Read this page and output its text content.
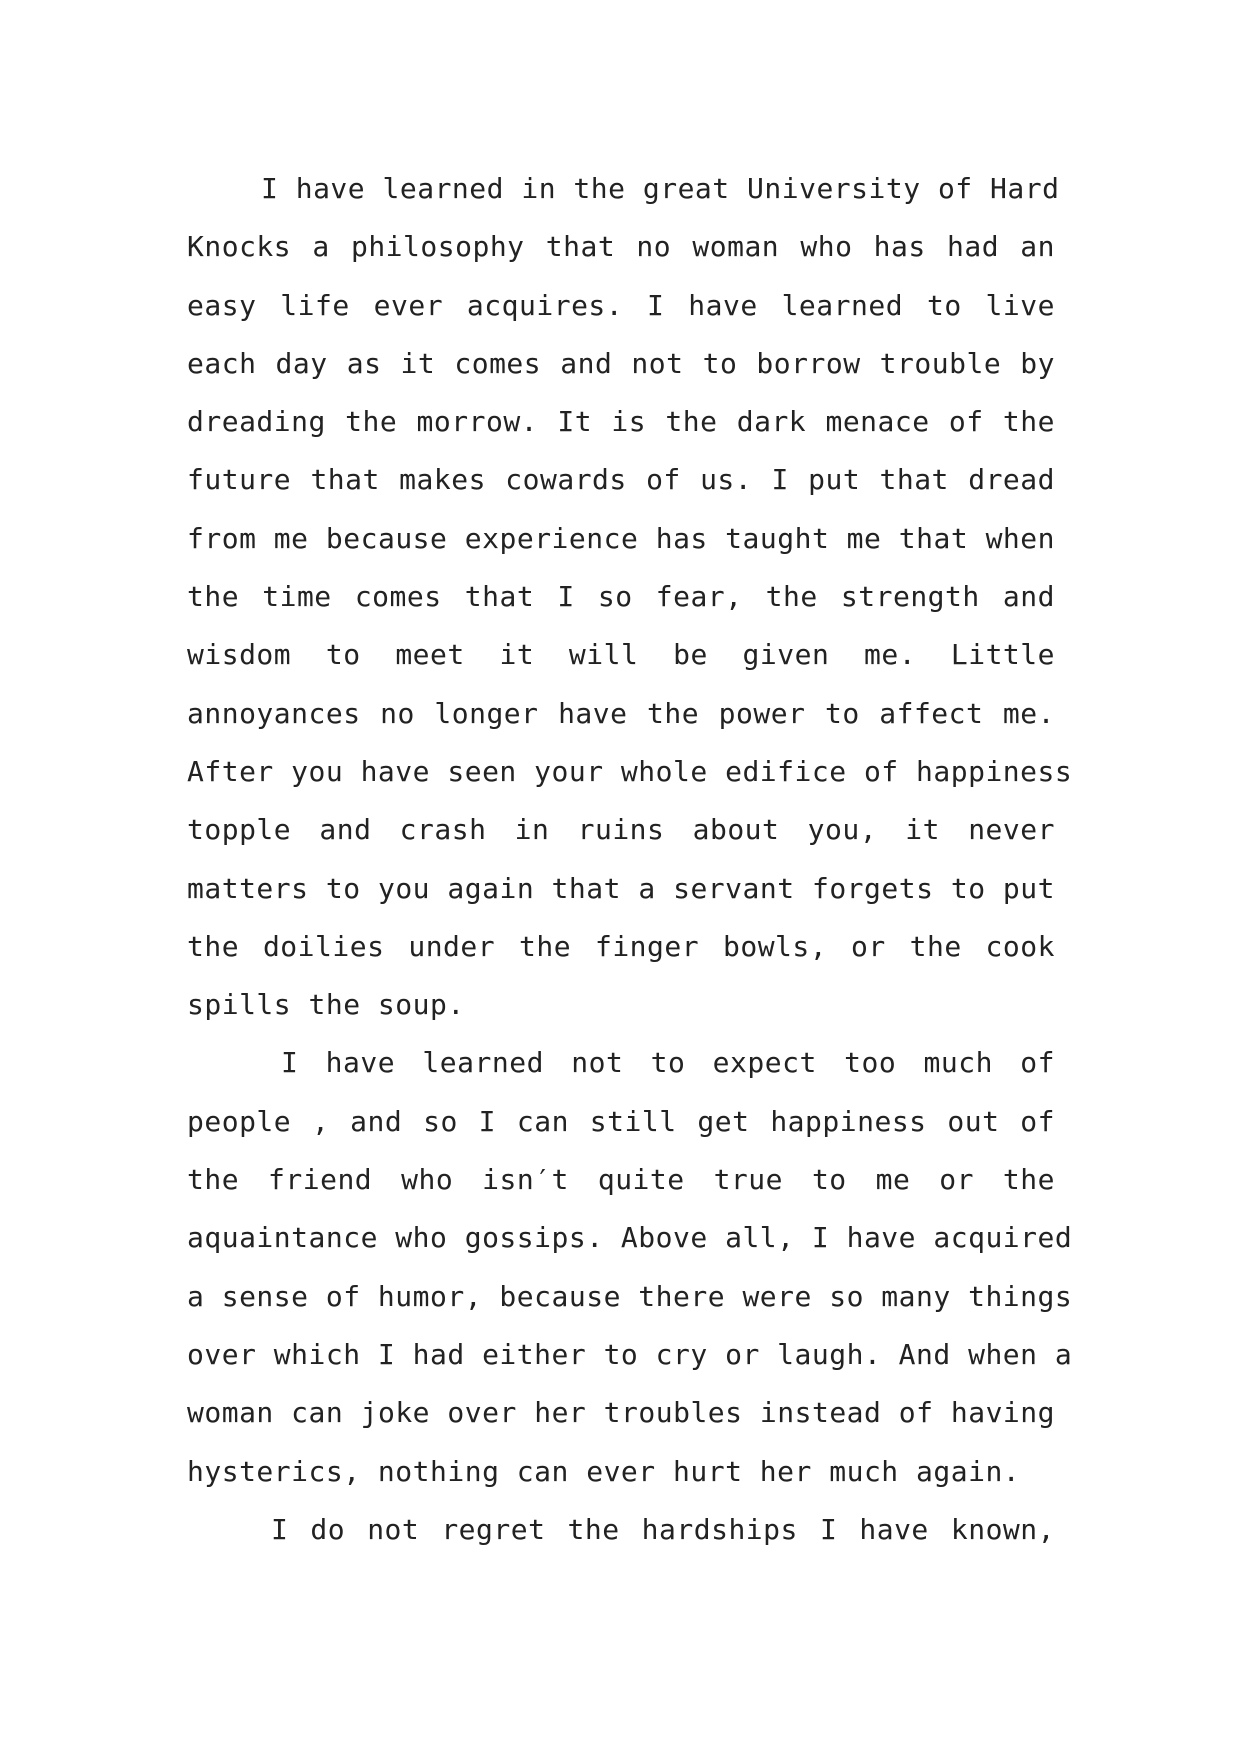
I have learned in the great University of Hard
Knocks a philosophy that no woman who has had an
easy life ever acquires. I have learned to live
each day as it comes and not to borrow trouble by
dreading the morrow. It is the dark menace of the
future that makes cowards of us. I put that dread
from me because experience has taught me that when
the time comes that I so fear, the strength and
wisdom to meet it will be given me. Little
annoyances no longer have the power to affect me.
After you have seen your whole edifice of happiness
topple and crash in ruins about you, it never
matters to you again that a servant forgets to put
the doilies under the finger bowls, or the cook
spills the soup.
I have learned not to expect too much of
people , and so I can still get happiness out of
the friend who isn′t quite true to me or the
aquaintance who gossips. Above all, I have acquired
a sense of humor, because there were so many things
over which I had either to cry or laugh. And when a
woman can joke over her troubles instead of having
hysterics, nothing can ever hurt her much again.
I do not regret the hardships I have known,
